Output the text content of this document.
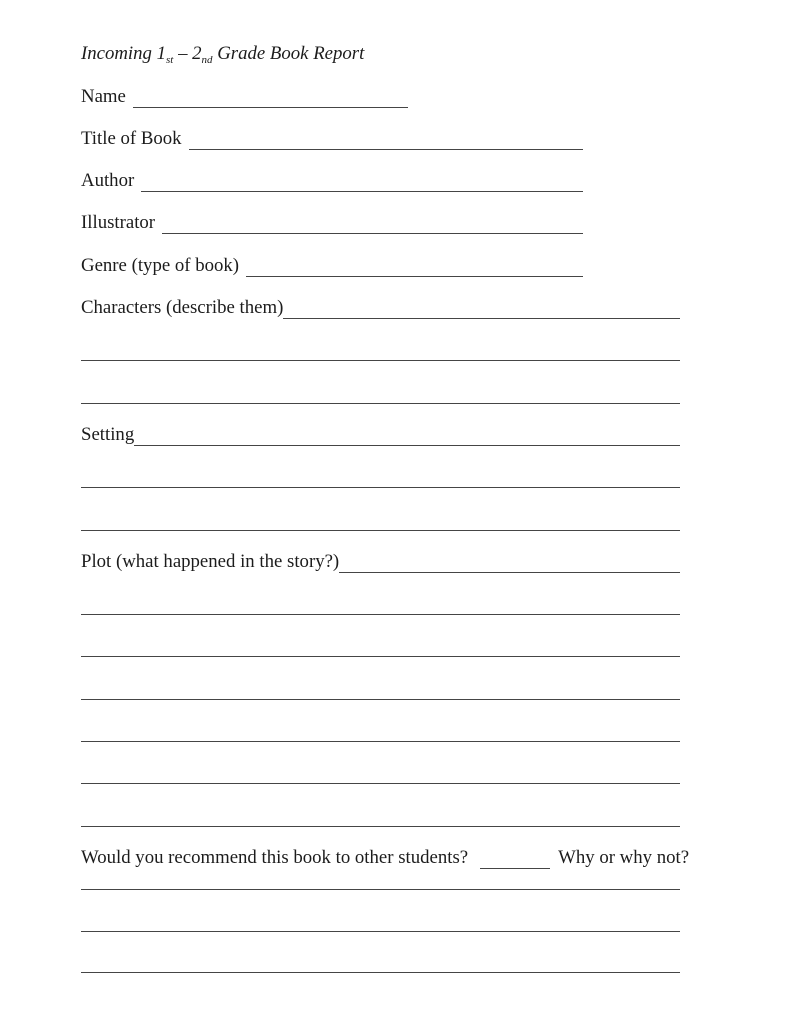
Incoming 1 st – 2 nd Grade Book Report
Name
Title of Book
Author
Illustrator
Genre (type of book)
Characters (describe them)
Setting
Plot (what happened in the story?)
Would you recommend this book to other students?	Why or why not?
